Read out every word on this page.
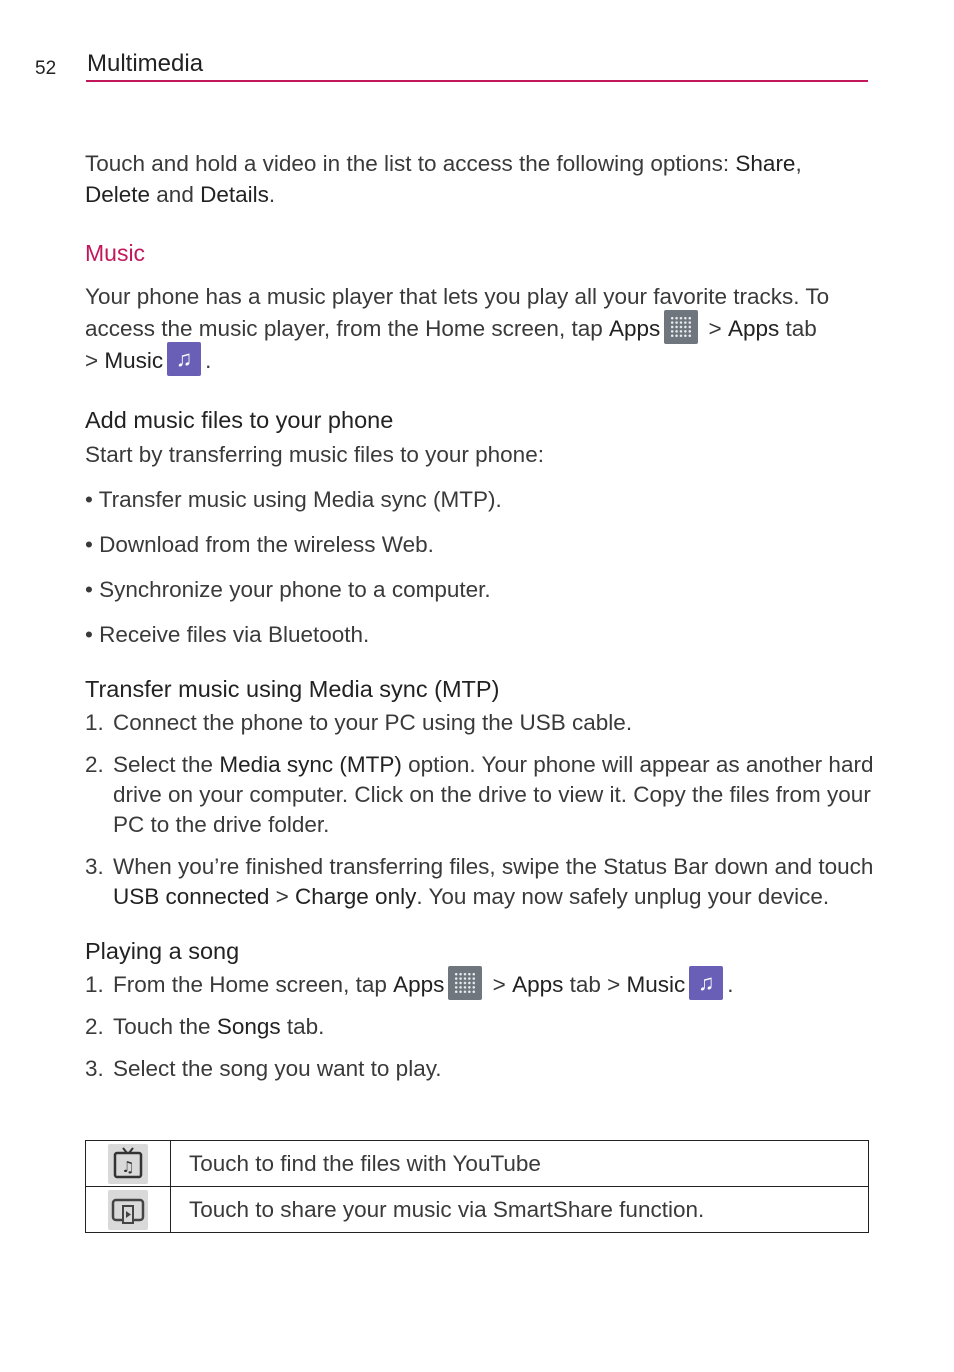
52 Multimedia

Touch and hold a video in the list to access the following options: Share,
Delete and Details.

Music

Your phone has a music player that lets you play all your favorite tracks. To access the music player, from the Home screen, tap Apps
> Apps tab
> Music ♫ .

Add music files to your phone

Start by transferring music files to your phone:

• Transfer music using Media sync (MTP).
• Download from the wireless Web.
• Synchronize your phone to a computer.
• Receive files via Bluetooth.
Transfer music using Media sync (MTP)
1. Connect the phone to your PC using the USB cable.
2. Select the Media sync (MTP) option. Your phone will appear as another hard drive on your computer. Click on the drive to view it. Copy the files from your PC to the drive folder.
3. When you’re finished transferring files, swipe the Status Bar down and touch USB connected > Charge only. You may now safely unplug your device.
Playing a song
1. From the Home screen, tap Apps
> Apps tab > Music ♫ .
2. Touch the Songs tab.
3. Select the song you want to play.
♫	Touch to find the files with YouTube
	Touch to share your music via SmartShare function.
